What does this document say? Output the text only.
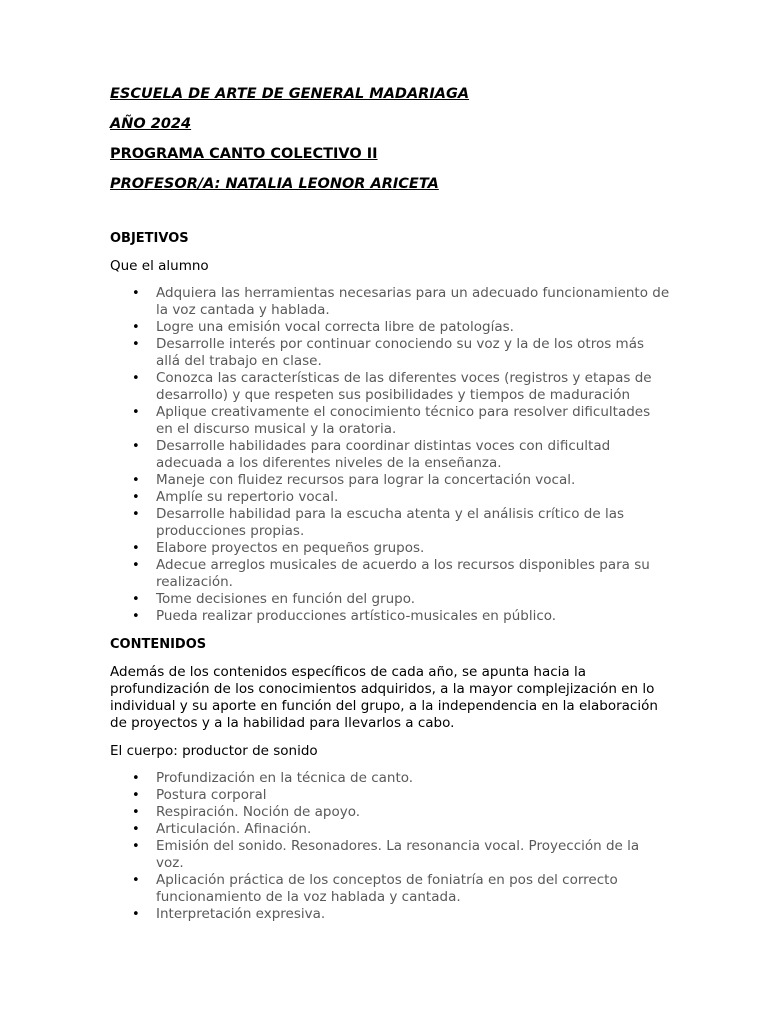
ESCUELA DE ARTE DE GENERAL MADARIAGA
AÑO 2024
PROGRAMA CANTO COLECTIVO II
PROFESOR/A: NATALIA LEONOR ARICETA
OBJETIVOS
Que el alumno
• Adquiera las herramientas necesarias para un adecuado funcionamiento de la voz cantada y hablada.
• Logre una emisión vocal correcta libre de patologías.
• Desarrolle interés por continuar conociendo su voz y la de los otros más allá del trabajo en clase.
• Conozca las características de las diferentes voces (registros y etapas de desarrollo) y que respeten sus posibilidades y tiempos de maduración
• Aplique creativamente el conocimiento técnico para resolver dificultades en el discurso musical y la oratoria.
• Desarrolle habilidades para coordinar distintas voces con dificultad adecuada a los diferentes niveles de la enseñanza.
• Maneje con fluidez recursos para lograr la concertación vocal.
• Amplíe su repertorio vocal.
• Desarrolle habilidad para la escucha atenta y el análisis crítico de las producciones propias.
• Elabore proyectos en pequeños grupos.
• Adecue arreglos musicales de acuerdo a los recursos disponibles para su realización.
• Tome decisiones en función del grupo.
• Pueda realizar producciones artístico-musicales en público.
CONTENIDOS
Además de los contenidos específicos de cada año, se apunta hacia la profundización de los conocimientos adquiridos, a la mayor complejización en lo individual y su aporte en función del grupo, a la independencia en la elaboración de proyectos y a la habilidad para llevarlos a cabo.
El cuerpo: productor de sonido
• Profundización en la técnica de canto.
• Postura corporal
• Respiración. Noción de apoyo.
• Articulación. Afinación.
• Emisión del sonido. Resonadores. La resonancia vocal. Proyección de la voz.
• Aplicación práctica de los conceptos de foniatría en pos del correcto funcionamiento de la voz hablada y cantada.
• Interpretación expresiva.
